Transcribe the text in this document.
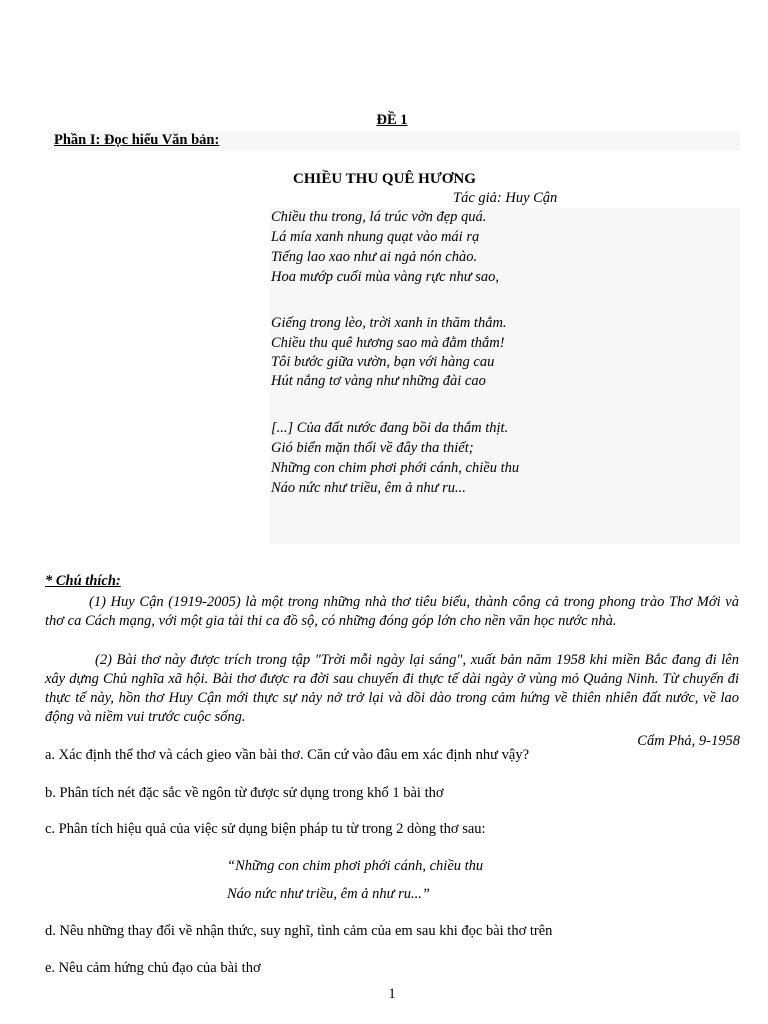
ĐỀ 1
Phần I: Đọc hiểu Văn bản:
CHIỀU THU QUÊ HƯƠNG
Tác giả: Huy Cận
Cẩm Phả, 9-1958
Chiều thu trong, lá trúc vờn đẹp quá.
Lá mía xanh nhung quạt vào mái rạ
Tiếng lao xao như ai ngả nón chào.
Hoa mướp cuối mùa vàng rực như sao,
Giếng trong lèo, trời xanh in thăm thẳm.
Chiều thu quê hương sao mà đằm thắm!
Tôi bước giữa vườn, bạn với hàng cau
Hút nắng tơ vàng như những đài cao
[...] Của đất nước đang bồi da thắm thịt.
Gió biển mặn thổi về đây tha thiết;
Những con chim phơi phới cánh, chiều thu
Náo nức như triều, êm ả như ru...
* Chú thích:
(1) Huy Cận (1919-2005) là một trong những nhà thơ tiêu biểu, thành công cả trong phong trào Thơ Mới và thơ ca Cách mạng, với một gia tài thi ca đồ sộ, có những đóng góp lớn cho nền văn học nước nhà.
(2) Bài thơ này được trích trong tập "Trời mỗi ngày lại sáng", xuất bản năm 1958 khi miền Bắc đang đi lên xây dựng Chủ nghĩa xã hội. Bài thơ được ra đời sau chuyến đi thực tế dài ngày ở vùng mỏ Quảng Ninh. Từ chuyến đi thực tế này, hồn thơ Huy Cận mới thực sự nảy nở trở lại và dồi dào trong cảm hứng về thiên nhiên đất nước, về lao động và niềm vui trước cuộc sống.
a. Xác định thể thơ và cách gieo vần bài thơ. Căn cứ vào đâu em xác định như vậy?
b. Phân tích nét đặc sắc về ngôn từ được sử dụng trong khổ 1 bài thơ
c. Phân tích hiệu quả của việc sử dụng biện pháp tu từ trong 2 dòng thơ sau:
“Những con chim phơi phới cánh, chiều thu
Náo nức như triều, êm ả như ru...”
d. Nêu những thay đổi về nhận thức, suy nghĩ, tình cảm của em sau khi đọc bài thơ trên
e. Nêu cảm hứng chủ đạo của bài thơ
1
